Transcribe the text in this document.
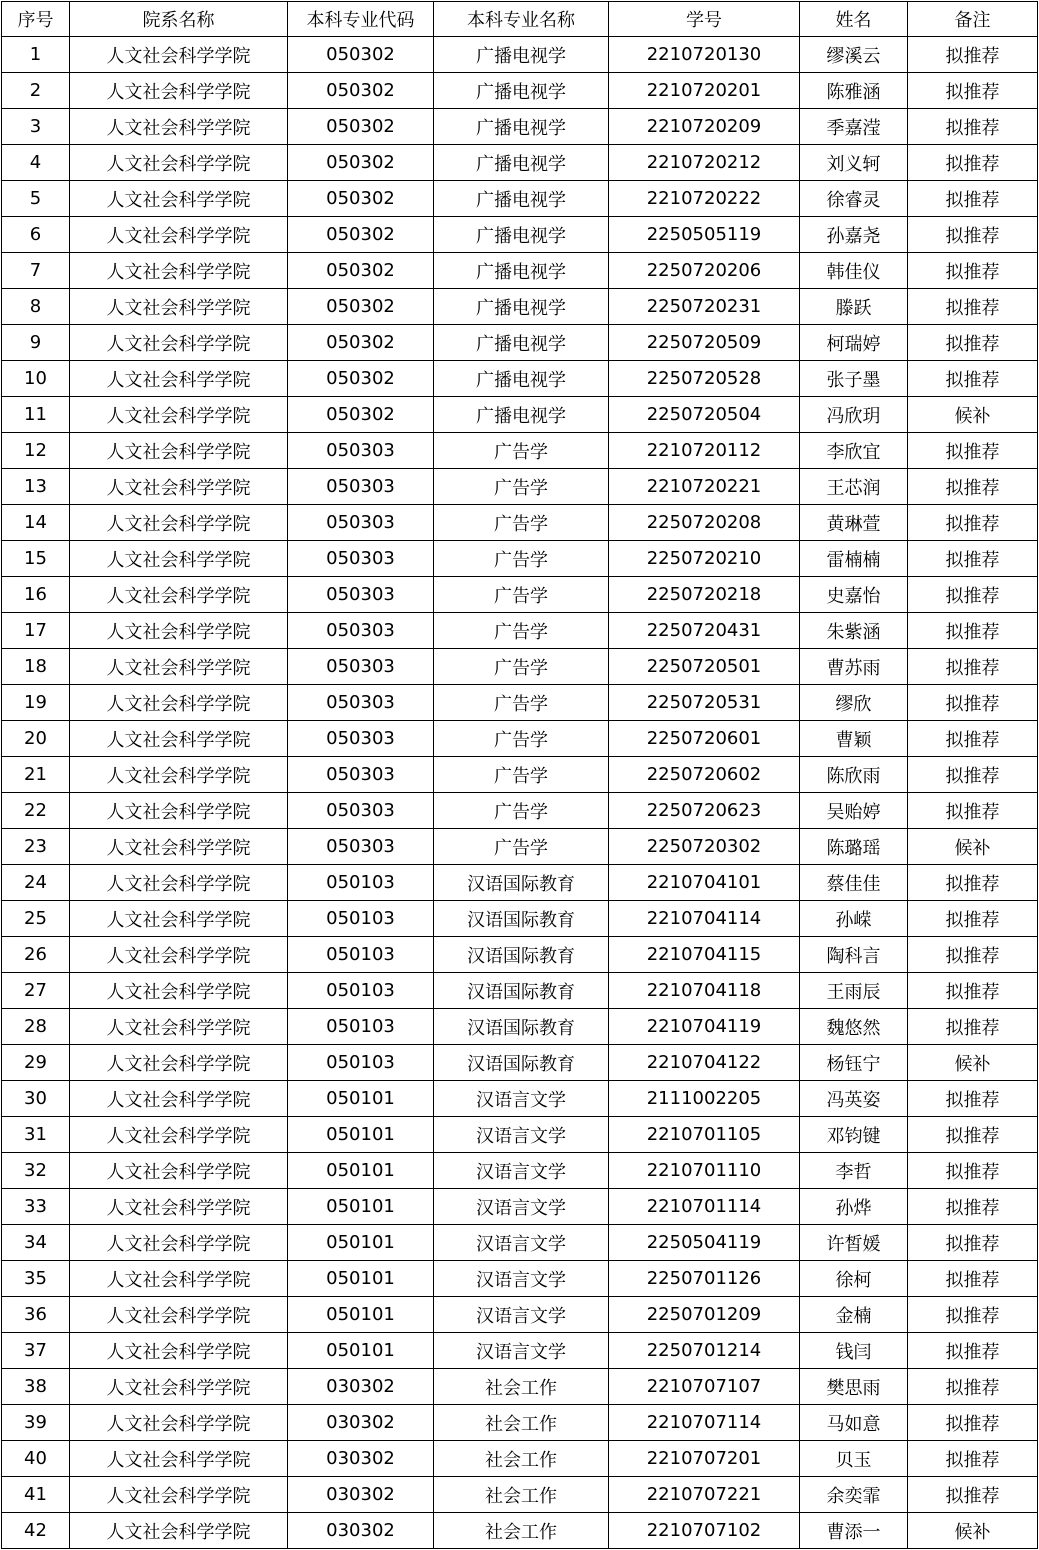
序号	院系名称	本科专业代码	本科专业名称	学号	姓名	备注
1	人文社会科学学院	050302	广播电视学	2210720130	缪溪云	拟推荐
2	人文社会科学学院	050302	广播电视学	2210720201	陈雅涵	拟推荐
3	人文社会科学学院	050302	广播电视学	2210720209	季嘉滢	拟推荐
4	人文社会科学学院	050302	广播电视学	2210720212	刘义轲	拟推荐
5	人文社会科学学院	050302	广播电视学	2210720222	徐睿灵	拟推荐
6	人文社会科学学院	050302	广播电视学	2250505119	孙嘉尧	拟推荐
7	人文社会科学学院	050302	广播电视学	2250720206	韩佳仪	拟推荐
8	人文社会科学学院	050302	广播电视学	2250720231	滕跃	拟推荐
9	人文社会科学学院	050302	广播电视学	2250720509	柯瑞婷	拟推荐
10	人文社会科学学院	050302	广播电视学	2250720528	张子墨	拟推荐
11	人文社会科学学院	050302	广播电视学	2250720504	冯欣玥	候补
12	人文社会科学学院	050303	广告学	2210720112	李欣宜	拟推荐
13	人文社会科学学院	050303	广告学	2210720221	王芯润	拟推荐
14	人文社会科学学院	050303	广告学	2250720208	黄琳萱	拟推荐
15	人文社会科学学院	050303	广告学	2250720210	雷楠楠	拟推荐
16	人文社会科学学院	050303	广告学	2250720218	史嘉怡	拟推荐
17	人文社会科学学院	050303	广告学	2250720431	朱紫涵	拟推荐
18	人文社会科学学院	050303	广告学	2250720501	曹苏雨	拟推荐
19	人文社会科学学院	050303	广告学	2250720531	缪欣	拟推荐
20	人文社会科学学院	050303	广告学	2250720601	曹颖	拟推荐
21	人文社会科学学院	050303	广告学	2250720602	陈欣雨	拟推荐
22	人文社会科学学院	050303	广告学	2250720623	吴贻婷	拟推荐
23	人文社会科学学院	050303	广告学	2250720302	陈璐瑶	候补
24	人文社会科学学院	050103	汉语国际教育	2210704101	蔡佳佳	拟推荐
25	人文社会科学学院	050103	汉语国际教育	2210704114	孙嵘	拟推荐
26	人文社会科学学院	050103	汉语国际教育	2210704115	陶科言	拟推荐
27	人文社会科学学院	050103	汉语国际教育	2210704118	王雨辰	拟推荐
28	人文社会科学学院	050103	汉语国际教育	2210704119	魏悠然	拟推荐
29	人文社会科学学院	050103	汉语国际教育	2210704122	杨钰宁	候补
30	人文社会科学学院	050101	汉语言文学	2111002205	冯英姿	拟推荐
31	人文社会科学学院	050101	汉语言文学	2210701105	邓钧键	拟推荐
32	人文社会科学学院	050101	汉语言文学	2210701110	李哲	拟推荐
33	人文社会科学学院	050101	汉语言文学	2210701114	孙烨	拟推荐
34	人文社会科学学院	050101	汉语言文学	2250504119	许皙媛	拟推荐
35	人文社会科学学院	050101	汉语言文学	2250701126	徐柯	拟推荐
36	人文社会科学学院	050101	汉语言文学	2250701209	金楠	拟推荐
37	人文社会科学学院	050101	汉语言文学	2250701214	钱闫	拟推荐
38	人文社会科学学院	030302	社会工作	2210707107	樊思雨	拟推荐
39	人文社会科学学院	030302	社会工作	2210707114	马如意	拟推荐
40	人文社会科学学院	030302	社会工作	2210707201	贝玉	拟推荐
41	人文社会科学学院	030302	社会工作	2210707221	余奕霏	拟推荐
42	人文社会科学学院	030302	社会工作	2210707102	曹添一	候补
